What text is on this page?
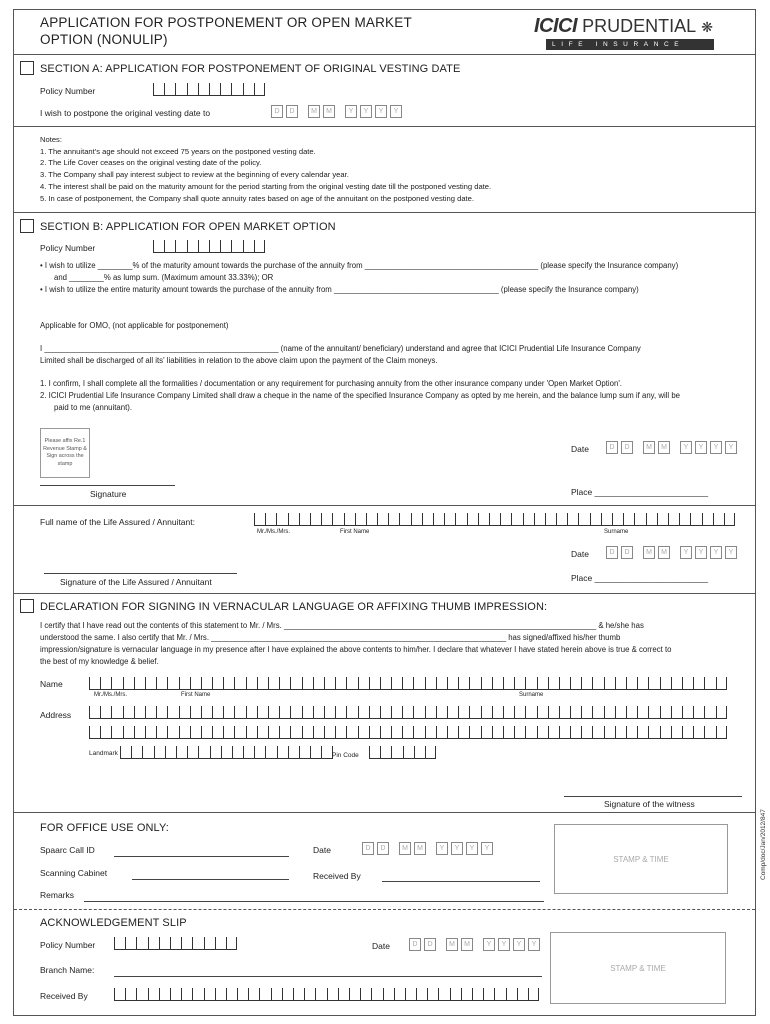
APPLICATION FOR POSTPONEMENT OR OPEN MARKET
OPTION (NONULIP)
ICICI PRUDENTIAL ❋
LIFE INSURANCE
SECTION A: APPLICATION FOR POSTPONEMENT OF ORIGINAL VESTING DATE
Policy Number
I wish to postpone the original vesting date to	D	D	M	M	Y	Y	Y	Y
Notes:
1. The annuitant's age should not exceed 75 years on the postponed vesting date.
2. The Life Cover ceases on the original vesting date of the policy.
3. The Company shall pay interest subject to review at the beginning of every calendar year.
4. The interest shall be paid on the maturity amount for the period starting from the original vesting date till the postponed vesting date.
5. In case of postponement, the Company shall quote annuity rates based on age of the annuitant on the postponed vesting date.
SECTION B: APPLICATION FOR OPEN MARKET OPTION
Policy Number
• I wish to utilize ________% of the maturity amount towards the purchase of the annuity from ________________________________________ (please specify the Insurance company)
and ________% as lump sum. (Maximum amount 33.33%); OR
• I wish to utilize the entire maturity amount towards the purchase of the annuity from ______________________________________ (please specify the Insurance company)
Applicable for OMO, (not applicable for postponement)
I ______________________________________________________ (name of the annuitant/ beneficiary) understand and agree that ICICI Prudential Life Insurance Company
Limited shall be discharged of all its' liabilities in relation to the above claim upon the payment of the Claim moneys.
1. I confirm, I shall complete all the formalities / documentation or any requirement for purchasing annuity from the other insurance company under 'Open Market Option'.
2. ICICI Prudential Life Insurance Company Limited shall draw a cheque in the name of the specified Insurance Company as opted by me herein, and the balance lump sum if any, will be
paid to me (annuitant).
Please affix Re.1 Revenue Stamp & Sign across the stamp
Date	D	D	M	M	Y	Y	Y	Y
Signature	Place ________________________
Full name of the Life Assured / Annuitant:
Mr./Ms./Mrs.	First Name	Surname
Date	D	D	M	M	Y	Y	Y	Y
Signature of the Life Assured / Annuitant	Place ________________________
DECLARATION FOR SIGNING IN VERNACULAR LANGUAGE OR AFFIXING THUMB IMPRESSION:
I certify that I have read out the contents of this statement to Mr. / Mrs. ________________________________________________________________________ & he/she has
understood the same. I also certify that Mr. / Mrs. ____________________________________________________________________ has signed/affixed his/her thumb
impression/signature is vernacular language in my presence after I have explained the above contents to him/her. I declare that whatever I have stated herein above is true & correct to
the best of my knowledge & belief.
Name
Mr./Ms./Mrs.	First Name	Surname
Address
Landmark	Pin Code
Signature of the witness
FOR OFFICE USE ONLY:
Spaarc Call ID	Date	D	D	M	M	Y	Y	Y	Y
STAMP & TIME
Scanning Cabinet	Received By
Remarks
ACKNOWLEDGEMENT SLIP
Policy Number	Date	D	D	M	M	Y	Y	Y	Y
STAMP & TIME
Branch Name:
Received By
Comp/doc/Jan/2012/847
